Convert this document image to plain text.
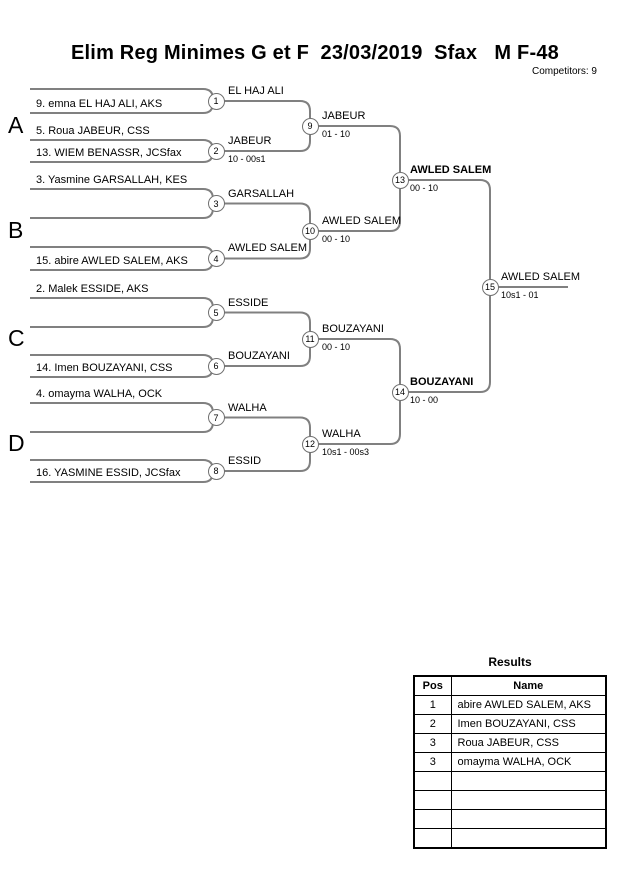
Elim Reg Minimes G et F  23/03/2019  Sfax   M F-48
Competitors: 9
A
B
C
D
9. emna EL HAJ ALI, AKS
5. Roua JABEUR, CSS
13. WIEM BENASSR, JCSfax
3. Yasmine GARSALLAH, KES
15. abire AWLED SALEM, AKS
2. Malek ESSIDE, AKS
14. Imen BOUZAYANI, CSS
4. omayma WALHA, OCK
16. YASMINE ESSID, JCSfax
1
2
3
4
5
6
7
8
9
10
11
12
13
14
15
EL HAJ ALI
JABEUR
GARSALLAH
AWLED SALEM
ESSIDE
BOUZAYANI
WALHA
ESSID
JABEUR
AWLED SALEM
BOUZAYANI
WALHA
AWLED SALEM
BOUZAYANI
AWLED SALEM
10 - 00s1
01 - 10
00 - 10
00 - 10
10s1 - 00s3
00 - 10
10 - 00
10s1 - 01
Results
Pos	Name
1	abire AWLED SALEM, AKS
2	Imen BOUZAYANI, CSS
3	Roua JABEUR, CSS
3	omayma WALHA, OCK
